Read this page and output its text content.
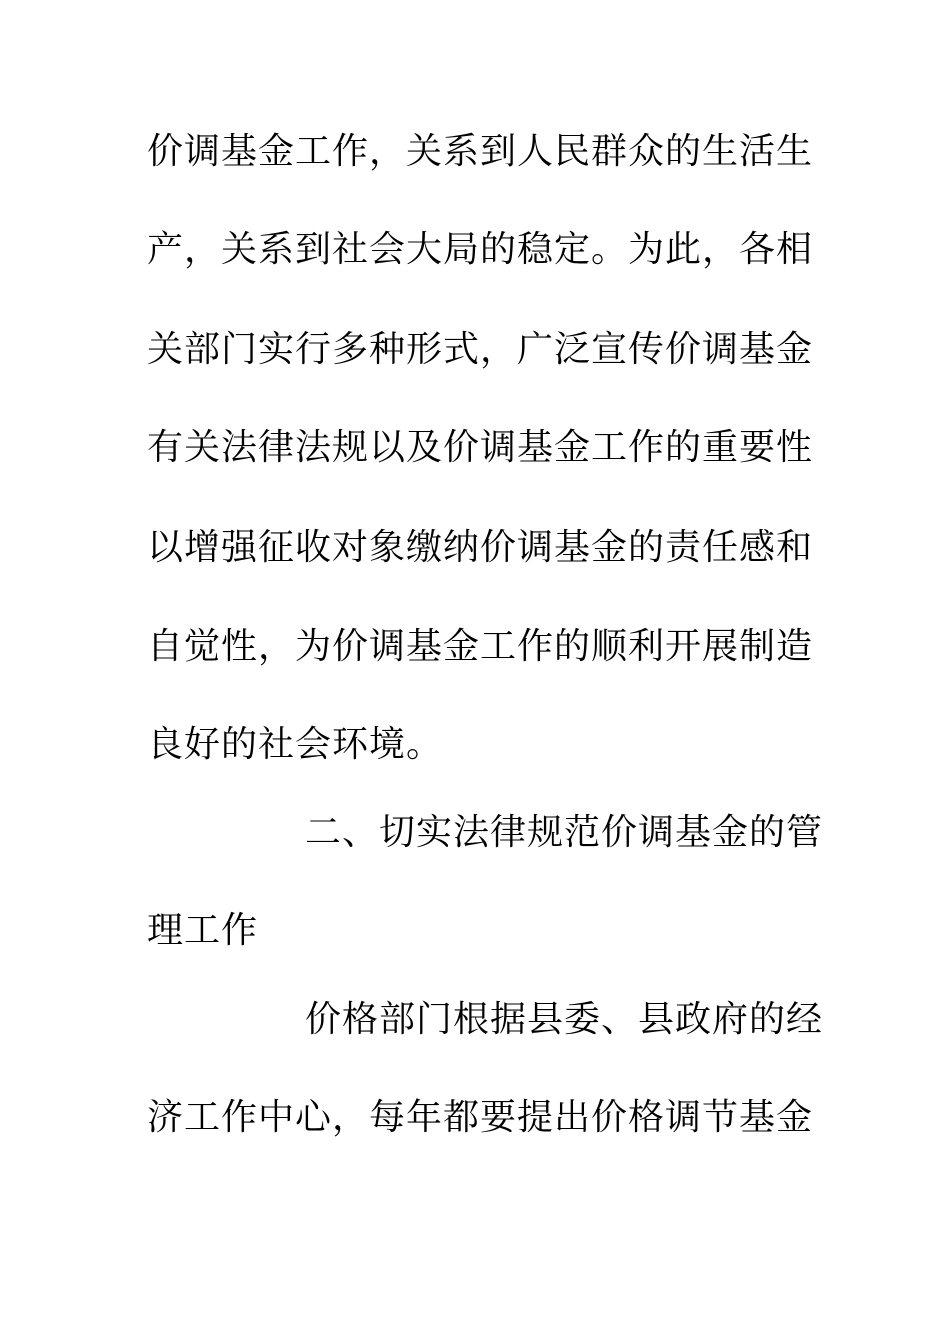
价调基金工作，关系到人民群众的生活生
产，关系到社会大局的稳定。为此，各相
关部门实行多种形式，广泛宣传价调基金
有关法律法规以及价调基金工作的重要性
以增强征收对象缴纳价调基金的责任感和
自觉性，为价调基金工作的顺利开展制造
良好的社会环境。
二、切实法律规范价调基金的管
理工作
价格部门根据县委、县政府的经
济工作中心，每年都要提出价格调节基金
